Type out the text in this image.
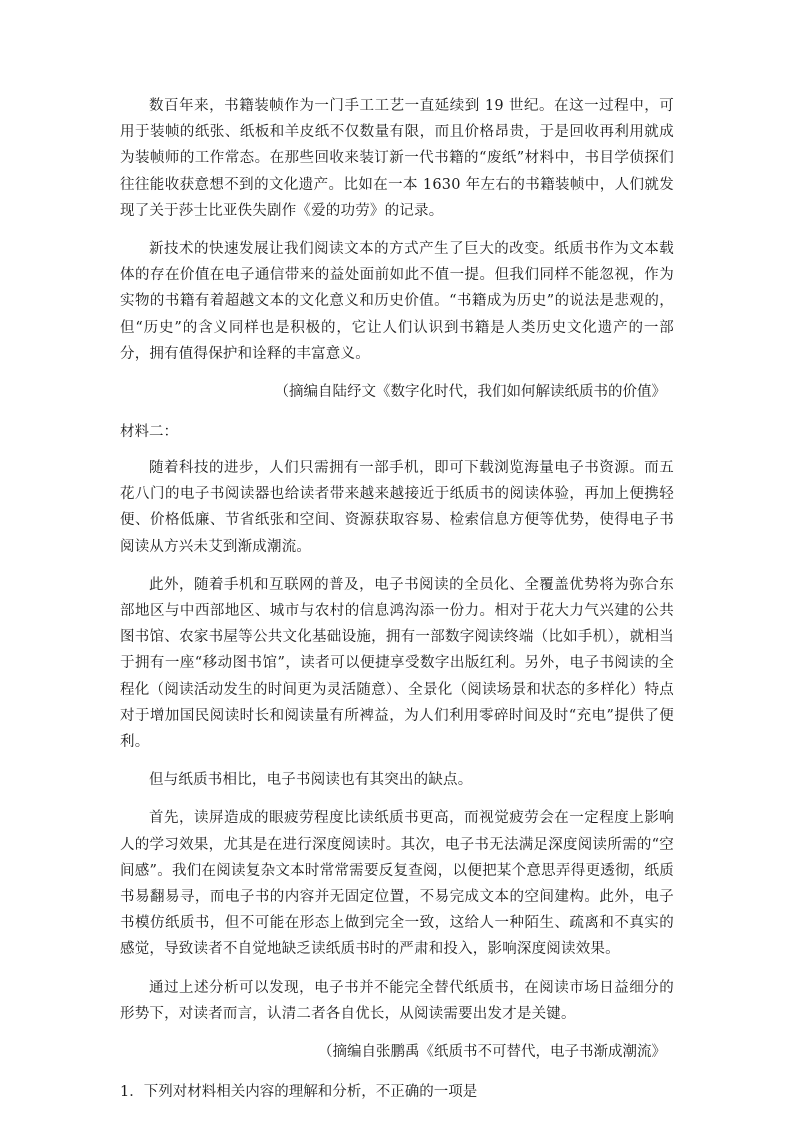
数百年来，书籍装帧作为一门手工工艺一直延续到 19 世纪。在这一过程中，可用于装帧的纸张、纸板和羊皮纸不仅数量有限，而且价格昂贵，于是回收再利用就成为装帧师的工作常态。在那些回收来装订新一代书籍的“废纸”材料中，书目学侦探们往往能收获意想不到的文化遗产。比如在一本 1630 年左右的书籍装帧中，人们就发现了关于莎士比亚佚失剧作《爱的功劳》的记录。

新技术的快速发展让我们阅读文本的方式产生了巨大的改变。纸质书作为文本载体的存在价值在电子通信带来的益处面前如此不值一提。但我们同样不能忽视，作为实物的书籍有着超越文本的文化意义和历史价值。“书籍成为历史”的说法是悲观的，但“历史”的含义同样也是积极的，它让人们认识到书籍是人类历史文化遗产的一部分，拥有值得保护和诠释的丰富意义。

（摘编自陆纾文《数字化时代，我们如何解读纸质书的价值》

材料二：

随着科技的进步，人们只需拥有一部手机，即可下载浏览海量电子书资源。而五花八门的电子书阅读器也给读者带来越来越接近于纸质书的阅读体验，再加上便携轻便、价格低廉、节省纸张和空间、资源获取容易、检索信息方便等优势，使得电子书阅读从方兴未艾到渐成潮流。

此外，随着手机和互联网的普及，电子书阅读的全员化、全覆盖优势将为弥合东部地区与中西部地区、城市与农村的信息鸿沟添一份力。相对于花大力气兴建的公共图书馆、农家书屋等公共文化基础设施，拥有一部数字阅读终端（比如手机），就相当于拥有一座“移动图书馆”，读者可以便捷享受数字出版红利。另外，电子书阅读的全程化（阅读活动发生的时间更为灵活随意）、全景化（阅读场景和状态的多样化）特点对于增加国民阅读时长和阅读量有所裨益，为人们利用零碎时间及时“充电”提供了便利。

但与纸质书相比，电子书阅读也有其突出的缺点。

首先，读屏造成的眼疲劳程度比读纸质书更高，而视觉疲劳会在一定程度上影响人的学习效果，尤其是在进行深度阅读时。其次，电子书无法满足深度阅读所需的“空间感”。我们在阅读复杂文本时常常需要反复查阅，以便把某个意思弄得更透彻，纸质书易翻易寻，而电子书的内容并无固定位置，不易完成文本的空间建构。此外，电子书模仿纸质书，但不可能在形态上做到完全一致，这给人一种陌生、疏离和不真实的感觉，导致读者不自觉地缺乏读纸质书时的严肃和投入，影响深度阅读效果。

通过上述分析可以发现，电子书并不能完全替代纸质书，在阅读市场日益细分的形势下，对读者而言，认清二者各自优长，从阅读需要出发才是关键。

（摘编自张鹏禹《纸质书不可替代，电子书渐成潮流》

1．下列对材料相关内容的理解和分析，不正确的一项是
